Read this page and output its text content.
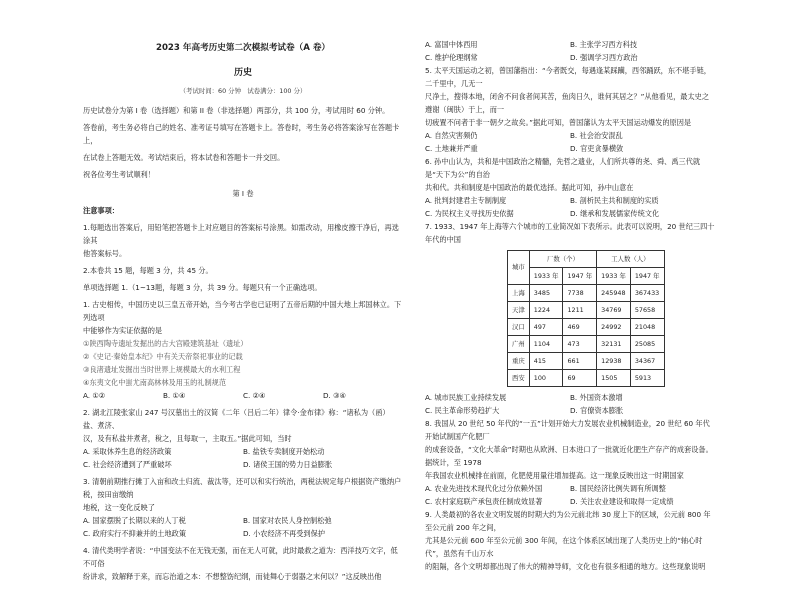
2023 年高考历史第二次模拟考试卷（A 卷）
历史
（考试时间：60 分钟　试卷满分：100 分）

历史试卷分为第 I 卷（选择题）和第 II 卷（非选择题）两部分，共 100 分，考试用时 60 分钟。

答卷前，考生务必将自己的姓名、准考证号填写在答题卡上。答卷时，考生务必将答案涂写在答题卡上，

在试卷上答题无效。考试结束后，将本试卷和答题卡一并交回。

祝各位考生考试顺利！

第 I 卷
注意事项：

1.每题选出答案后，用铅笔把答题卡上对应题目的答案标号涂黑。如需改动，用橡皮擦干净后，再选涂其

他答案标号。

2.本卷共 15 题，每题 3 分，共 45 分。

单项选择题 1.（1~13题，每题 3 分，共 39 分。每题只有一个正确选项。

1. 古史相传，中国历史以三皇五帝开始，当今考古学也已证明了五帝后期的中国大地上邦国林立。下列选项

中能够作为实证依据的是

①陕西陶寺遗址发掘出的古大宫殿建筑基址（遗址）

②《史记·秦始皇本纪》中有关天帝祭祀事业的记载

③良渚遗址发掘出当时世界上规模最大的水利工程

④东夷文化中蚩尤南高林林及用玉的礼制规范

A. ①②	B. ①④	C. ②④	D. ③④

2. 湖北江陵张家山 247 号汉墓出土的汉简《二年（吕后二年）律令·金布律》称：“诸私为（函）盐、煮济、

汉，及有私盐井煮者，稅之，且每取一，主取五。”据此可知，当时

A. 采取休养生息的经济政策	B. 盐铁专卖制度开始松动
C. 社会经济遭到了严重破坏	D. 诸侯王国的势力日益膨胀

3. 清朝前期推行摊丁入亩和改土归流、裁汰等，还可以和实行统治，两税法规定每户根据资产缴纳户税，按田亩缴纳

地税，这一变化反映了

A. 国家摆脱了长期以来的人丁税	B. 国家对农民人身控制松弛
C. 政府实行不抑兼并的土地政策	D. 小农经济不再受到保护

4. 清代类明学者说：“中国变法不在无钱无强，而在无人可就，此时最救之道为：西洋技巧文字，低不可俗

纷讲求，致解释于来，而忘治道之本：不想整饬纪纲，而徒舞心于弱器之末何以？”这反映出他

A. 富国中体西用	B. 主张学习西方科技
C. 维护伦理纲常	D. 强调学习西方政治

5. 太平天国运动之初，曾国藩指出：“今者既交，每遇逢某踩躏，西邻踊跃，东不堪手链，二千里中，几无一

尺净土，搜得本地，闭舍不问食者间其苦，鱼肉日久，谁何其居之？”从他看见，最太史之遵谢（闽肤）于上，而一

切疲置不问者于非一朝夕之故矣。”据此可知，曾国藩认为太平天国运动爆发的原因是

A. 自然灾害频仍	B. 社会治安混乱
C. 土地兼并严重	D. 官吏贪暴横敛

6. 孙中山认为，共和是中国政治之精髓，先哲之遗业，人们所共尊的尧、舜、禹三代就是“天下为公”的自治

共和代。共和制度是中国政治的最优选择。据此可知，孙中山意在

A. 批判封建君主专制制度	B. 剖析民主共和制度的实质
C. 为民权主义寻找历史依据	D. 继承和发展儒家传统文化

7. 1933、1947 年上海等六个城市的工业简况如下表所示。此表可以说明，20 世纪三四十年代的中国

城市	厂数（个）		工人数（人）	
	1933 年	1947 年	1933 年	1947 年
上海	3485	7738	245948	367433
天津	1224	1211	34769	57658
汉口	497	469	24992	21048
广州	1104	473	32131	25085
重庆	415	661	12938	34367
西安	100	69	1505	5913
A. 城市民族工业持续发展	B. 外国资本激增
C. 民主革命形势趋扩大	D. 官僚资本膨胀

8. 我国从 20 世纪 50 年代的“一五”计划开始大力发展农业机械制造业，20 世纪 60 年代开始试制国产化肥厂

的成套设备，“文化大革命”时期也从欧洲、日本进口了一批就近化肥生产存产的成套设备。据统计，至 1978

年我国农业机械排在前面，化肥使用量往增加提高。这一现象反映出这一时期国家

A. 农业先进技术现代化过分依赖外国	B. 国民经济比例失调有所调整
C. 农村家庭联产承包责任制成效显著	D. 关注农业建设和取得一定成绩

9. 人类最初的各农业文明发展的时期大约为公元前北纬 30 度上下的区域，公元前 800 年至公元前 200 年之间，

尤其是公元前 600 年至公元前 300 年间，在这个体系区域出现了人类历史上的“轴心时代”，虽然有千山万水

的阻隔，各个文明却都出现了伟大的精神导师，文化也有很多相通的地方。这些现象说明
